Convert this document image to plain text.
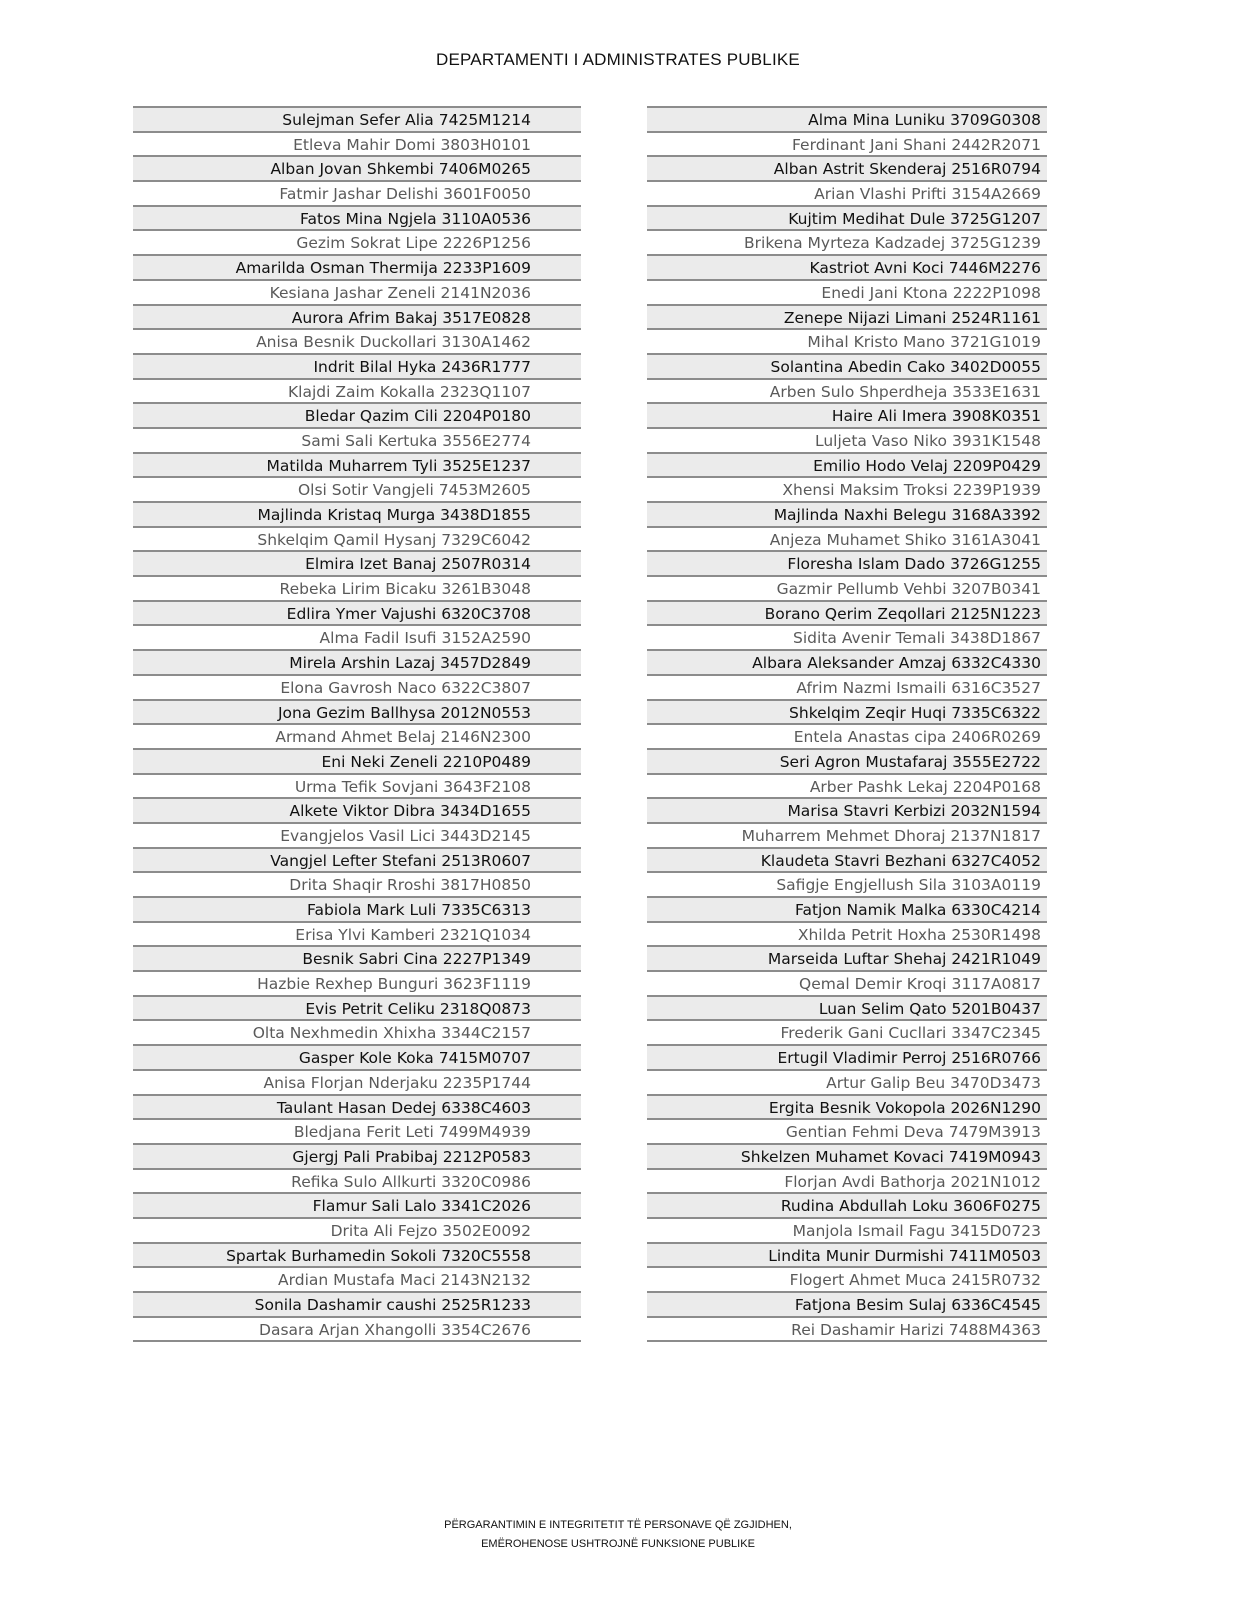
DEPARTAMENTI I ADMINISTRATES PUBLIKE
Sulejman Sefer Alia 7425M1214
Etleva Mahir Domi 3803H0101
Alban Jovan Shkembi 7406M0265
Fatmir Jashar Delishi 3601F0050
Fatos Mina Ngjela 3110A0536
Gezim Sokrat Lipe 2226P1256
Amarilda Osman Thermija 2233P1609
Kesiana Jashar Zeneli 2141N2036
Aurora Afrim Bakaj 3517E0828
Anisa Besnik Duckollari 3130A1462
Indrit Bilal Hyka 2436R1777
Klajdi Zaim Kokalla 2323Q1107
Bledar Qazim Cili 2204P0180
Sami Sali Kertuka 3556E2774
Matilda Muharrem Tyli 3525E1237
Olsi Sotir Vangjeli 7453M2605
Majlinda Kristaq Murga 3438D1855
Shkelqim Qamil Hysanj 7329C6042
Elmira Izet Banaj 2507R0314
Rebeka Lirim Bicaku 3261B3048
Edlira Ymer Vajushi 6320C3708
Alma Fadil Isufi 3152A2590
Mirela Arshin Lazaj 3457D2849
Elona Gavrosh Naco 6322C3807
Jona Gezim Ballhysa 2012N0553
Armand Ahmet Belaj 2146N2300
Eni Neki Zeneli 2210P0489
Urma Tefik Sovjani 3643F2108
Alkete Viktor Dibra 3434D1655
Evangjelos Vasil Lici 3443D2145
Vangjel Lefter Stefani 2513R0607
Drita Shaqir Rroshi 3817H0850
Fabiola Mark Luli 7335C6313
Erisa Ylvi Kamberi 2321Q1034
Besnik Sabri Cina 2227P1349
Hazbie Rexhep Bunguri 3623F1119
Evis Petrit Celiku 2318Q0873
Olta Nexhmedin Xhixha 3344C2157
Gasper Kole Koka 7415M0707
Anisa Florjan Nderjaku 2235P1744
Taulant Hasan Dedej 6338C4603
Bledjana Ferit Leti 7499M4939
Gjergj Pali Prabibaj 2212P0583
Refika Sulo Allkurti 3320C0986
Flamur Sali Lalo 3341C2026
Drita Ali Fejzo 3502E0092
Spartak Burhamedin Sokoli 7320C5558
Ardian Mustafa Maci 2143N2132
Sonila Dashamir caushi 2525R1233
Dasara Arjan Xhangolli 3354C2676
Alma Mina Luniku 3709G0308
Ferdinant Jani Shani 2442R2071
Alban Astrit Skenderaj 2516R0794
Arian Vlashi Prifti 3154A2669
Kujtim Medihat Dule 3725G1207
Brikena Myrteza Kadzadej 3725G1239
Kastriot Avni Koci 7446M2276
Enedi Jani Ktona 2222P1098
Zenepe Nijazi Limani 2524R1161
Mihal Kristo Mano 3721G1019
Solantina Abedin Cako 3402D0055
Arben Sulo Shperdheja 3533E1631
Haire Ali Imera 3908K0351
Luljeta Vaso Niko 3931K1548
Emilio Hodo Velaj 2209P0429
Xhensi Maksim Troksi 2239P1939
Majlinda Naxhi Belegu 3168A3392
Anjeza Muhamet Shiko 3161A3041
Floresha Islam Dado 3726G1255
Gazmir Pellumb Vehbi 3207B0341
Borano Qerim Zeqollari 2125N1223
Sidita Avenir Temali 3438D1867
Albara Aleksander Amzaj 6332C4330
Afrim Nazmi Ismaili 6316C3527
Shkelqim Zeqir Huqi 7335C6322
Entela Anastas cipa 2406R0269
Seri Agron Mustafaraj 3555E2722
Arber Pashk Lekaj 2204P0168
Marisa Stavri Kerbizi 2032N1594
Muharrem Mehmet Dhoraj 2137N1817
Klaudeta Stavri Bezhani 6327C4052
Safigje Engjellush Sila 3103A0119
Fatjon Namik Malka 6330C4214
Xhilda Petrit Hoxha 2530R1498
Marseida Luftar Shehaj 2421R1049
Qemal Demir Kroqi 3117A0817
Luan Selim Qato 5201B0437
Frederik Gani Cucllari 3347C2345
Ertugil Vladimir Perroj 2516R0766
Artur Galip Beu 3470D3473
Ergita Besnik Vokopola 2026N1290
Gentian Fehmi Deva 7479M3913
Shkelzen Muhamet Kovaci 7419M0943
Florjan Avdi Bathorja 2021N1012
Rudina Abdullah Loku 3606F0275
Manjola Ismail Fagu 3415D0723
Lindita Munir Durmishi 7411M0503
Flogert Ahmet Muca 2415R0732
Fatjona Besim Sulaj 6336C4545
Rei Dashamir Harizi 7488M4363
PËRGARANTIMIN E INTEGRITETIT TË PERSONAVE QË ZGJIDHEN,
EMËROHENOSE USHTROJNË FUNKSIONE PUBLIKE
